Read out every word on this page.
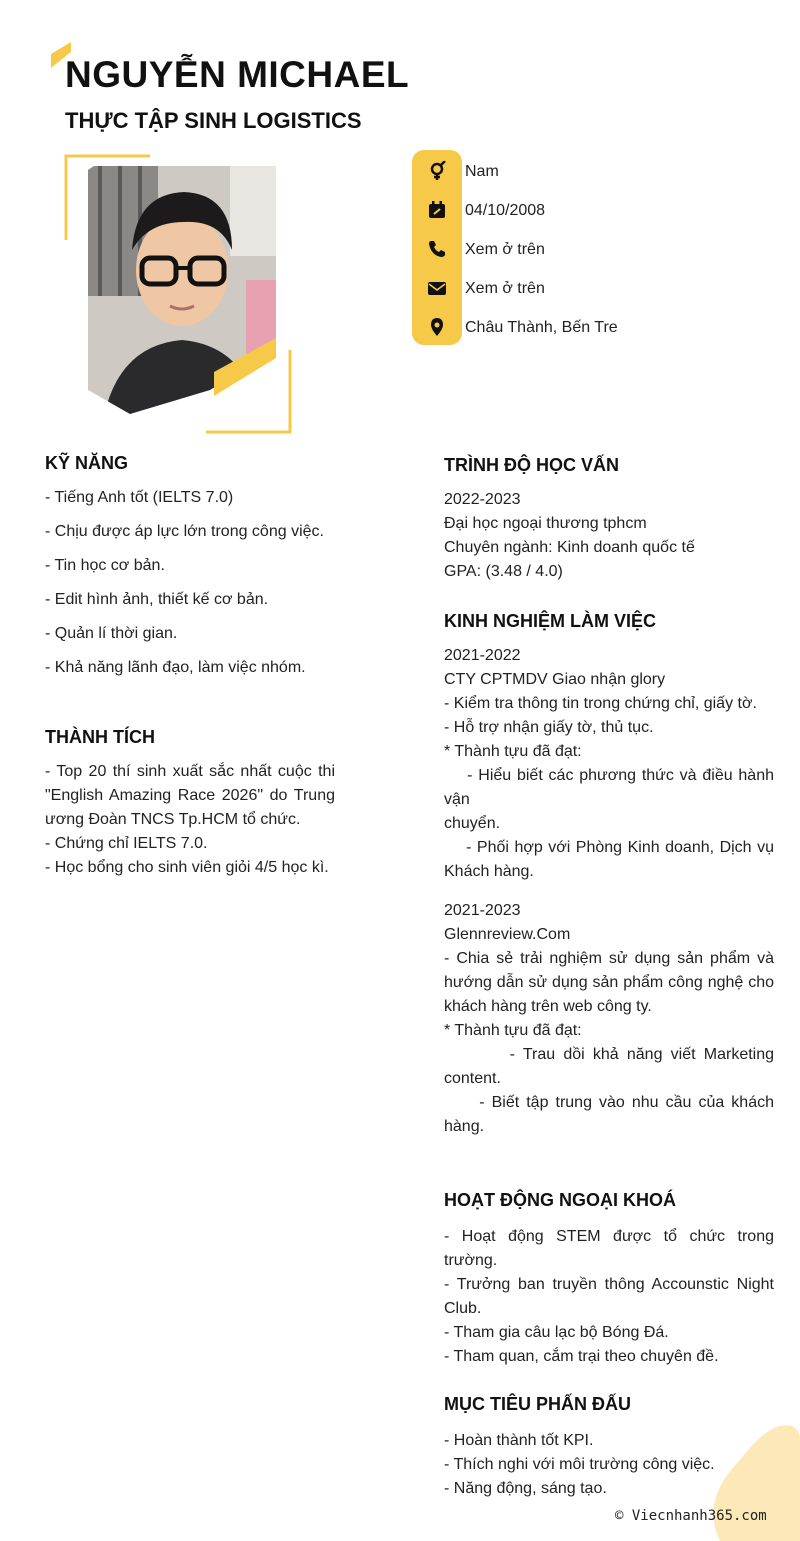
NGUYỄN MICHAEL
THỰC TẬP SINH LOGISTICS
Nam
04/10/2008
Xem ở trên
Xem ở trên
Châu Thành, Bến Tre
KỸ NĂNG

- Tiếng Anh tốt (IELTS 7.0)

- Chịu được áp lực lớn trong công việc.

- Tin học cơ bản.

- Edit hình ảnh, thiết kế cơ bản.

- Quản lí thời gian.

- Khả năng lãnh đạo, làm việc nhóm.

THÀNH TÍCH

- Top 20 thí sinh xuất sắc nhất cuộc thi "English Amazing Race 2026" do Trung ương Đoàn TNCS Tp.HCM tổ chức.

- Chứng chỉ IELTS 7.0.

- Học bổng cho sinh viên giỏi 4/5 học kì.

TRÌNH ĐỘ HỌC VẤN

2022-2023

Đại học ngoại thương tphcm

Chuyên ngành: Kinh doanh quốc tế

GPA: (3.48 / 4.0)

KINH NGHIỆM LÀM VIỆC

2021-2022

CTY CPTMDV Giao nhận glory

- Kiểm tra thông tin trong chứng chỉ, giấy tờ.

- Hỗ trợ nhận giấy tờ, thủ tục.

* Thành tựu đã đạt:

- Hiểu biết các phương thức và điều hành vận

chuyển.

- Phối hợp với Phòng Kinh doanh, Dịch vụ Khách hàng.

2021-2023

Glennreview.Com

- Chia sẻ trải nghiệm sử dụng sản phẩm và hướng dẫn sử dụng sản phẩm công nghệ cho khách hàng trên web công ty.

* Thành tựu đã đạt:

- Trau dồi khả năng viết Marketing content.

- Biết tập trung vào nhu cầu của khách hàng.

HOẠT ĐỘNG NGOẠI KHOÁ

- Hoạt động STEM được tổ chức trong trường.

- Trưởng ban truyền thông Accounstic Night Club.

- Tham gia câu lạc bộ Bóng Đá.

- Tham quan, cắm trại theo chuyên đề.

MỤC TIÊU PHẤN ĐẤU

- Hoàn thành tốt KPI.

- Thích nghi với môi trường công việc.

- Năng động, sáng tạo.

© Viecnhanh365.com
